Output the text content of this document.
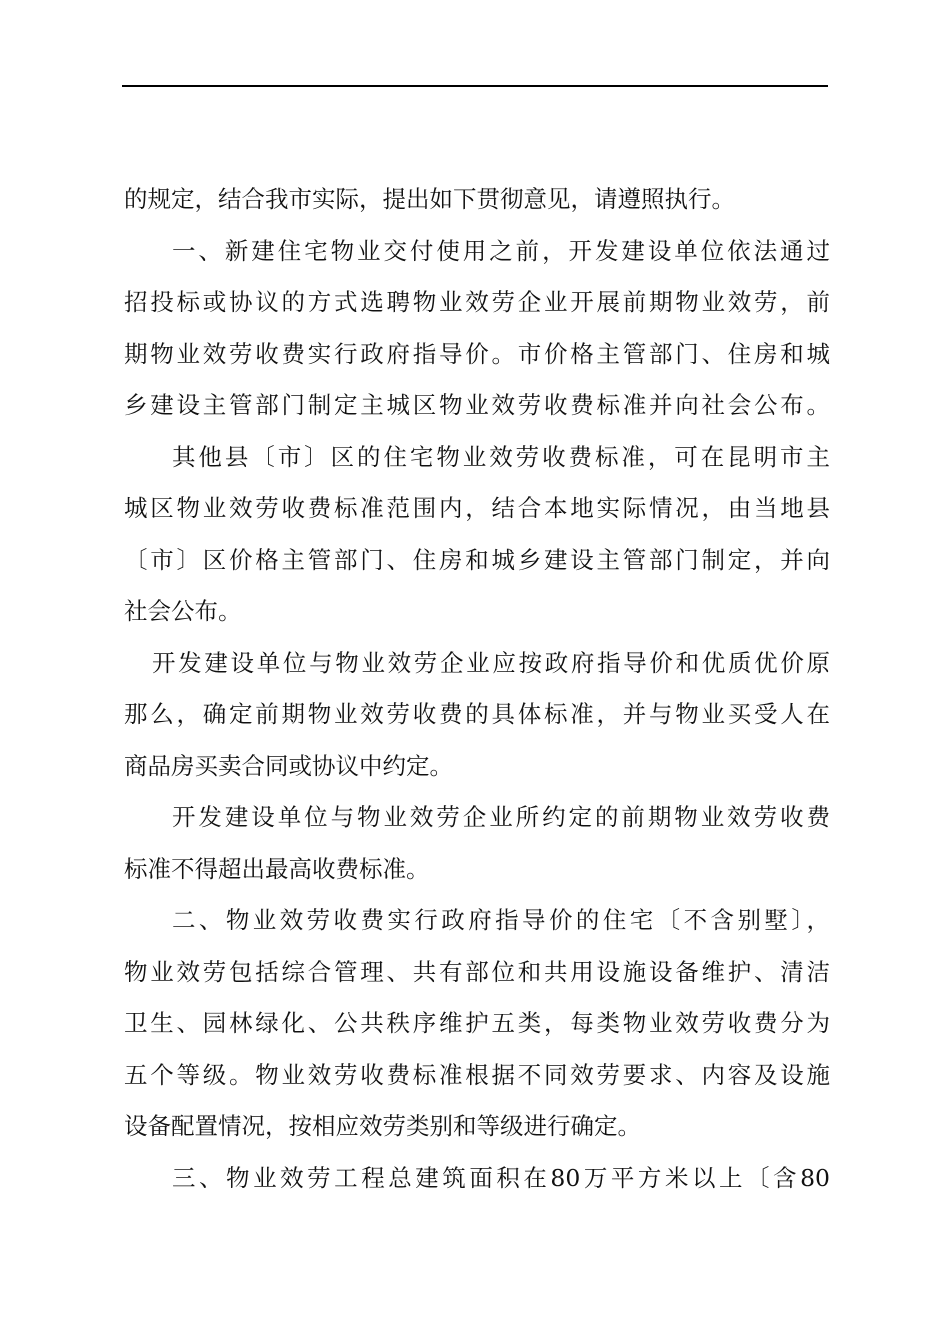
的规定，结合我市实际，提出如下贯彻意见，请遵照执行。
一、新建住宅物业交付使用之前，开发建设单位依法通过
招投标或协议的方式选聘物业效劳企业开展前期物业效劳，前
期物业效劳收费实行政府指导价。市价格主管部门、住房和城
乡建设主管部门制定主城区物业效劳收费标准并向社会公布。
其他县〔市〕区的住宅物业效劳收费标准，可在昆明市主
城区物业效劳收费标准范围内，结合本地实际情况，由当地县
〔市〕区价格主管部门、住房和城乡建设主管部门制定，并向
社会公布。
开发建设单位与物业效劳企业应按政府指导价和优质优价原
那么，确定前期物业效劳收费的具体标准，并与物业买受人在
商品房买卖合同或协议中约定。
开发建设单位与物业效劳企业所约定的前期物业效劳收费
标准不得超出最高收费标准。
二、物业效劳收费实行政府指导价的住宅〔不含别墅〕，
物业效劳包括综合管理、共有部位和共用设施设备维护、清洁
卫生、园林绿化、公共秩序维护五类，每类物业效劳收费分为
五个等级。物业效劳收费标准根据不同效劳要求、内容及设施
设备配置情况，按相应效劳类别和等级进行确定。
三、物业效劳工程总建筑面积在80万平方米以上〔含80
